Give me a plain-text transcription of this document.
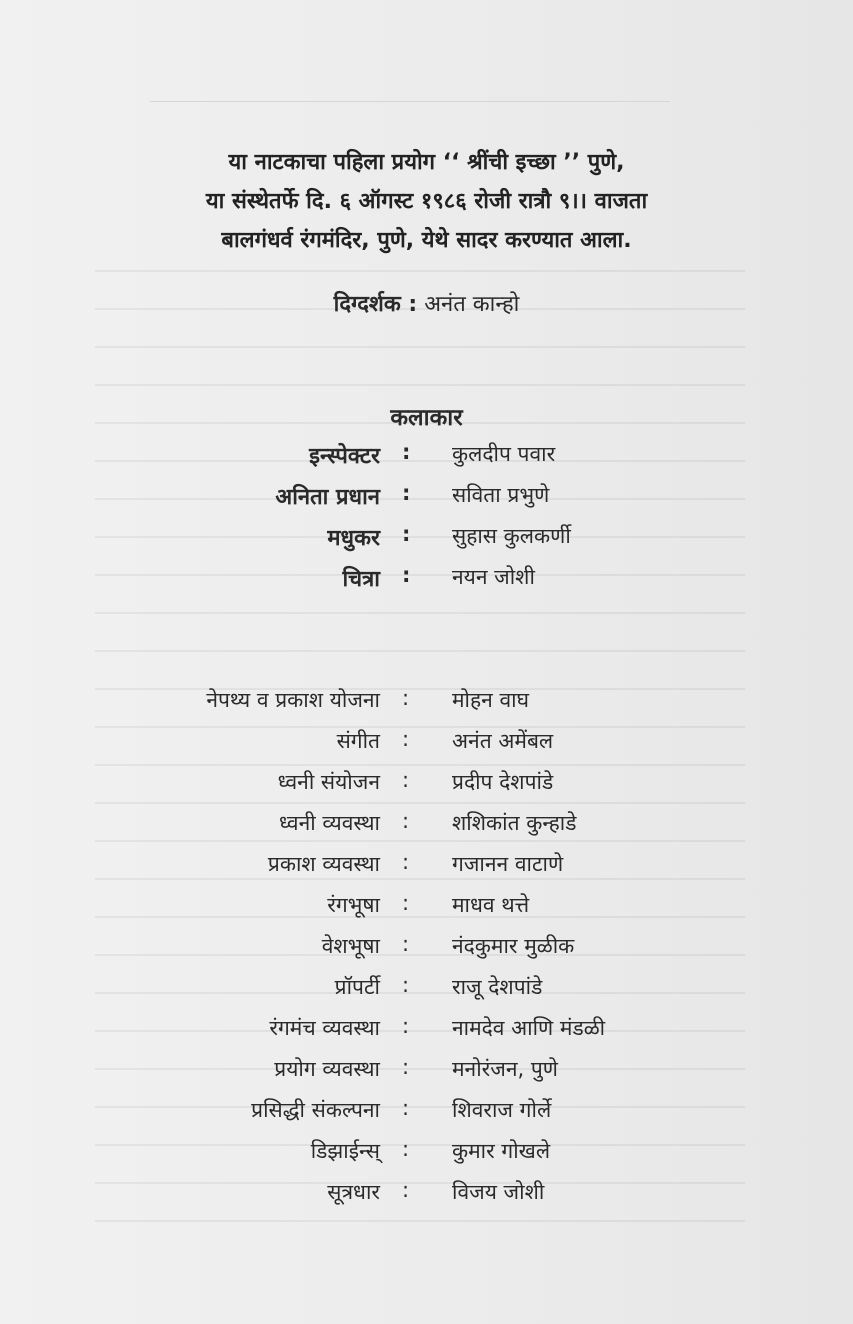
या नाटकाचा पहिला प्रयोग ‘‘ श्रींची इच्छा ’’ पुणे,
या संस्थेतर्फे दि. ६ ऑगस्ट १९८६ रोजी रात्रौ ९।। वाजता
बालगंधर्व रंगमंदिर, पुणे, येथे सादर करण्यात आला.
दिग्दर्शक : अनंत कान्हो
कलाकार
इन्स्पेक्टर : कुलदीप पवार
अनिता प्रधान : सविता प्रभुणे
मधुकर : सुहास कुलकर्णी
चित्रा : नयन जोशी
नेपथ्य व प्रकाश योजना : मोहन वाघ
संगीत : अनंत अमेंबल
ध्वनी संयोजन : प्रदीप देशपांडे
ध्वनी व्यवस्था : शशिकांत कुन्हाडे
प्रकाश व्यवस्था : गजानन वाटाणे
रंगभूषा : माधव थत्ते
वेशभूषा : नंदकुमार मुळीक
प्रॉपर्टी : राजू देशपांडे
रंगमंच व्यवस्था : नामदेव आणि मंडळी
प्रयोग व्यवस्था : मनोरंजन, पुणे
प्रसिद्धी संकल्पना : शिवराज गोर्ले
डिझाईन्स् : कुमार गोखले
सूत्रधार : विजय जोशी
